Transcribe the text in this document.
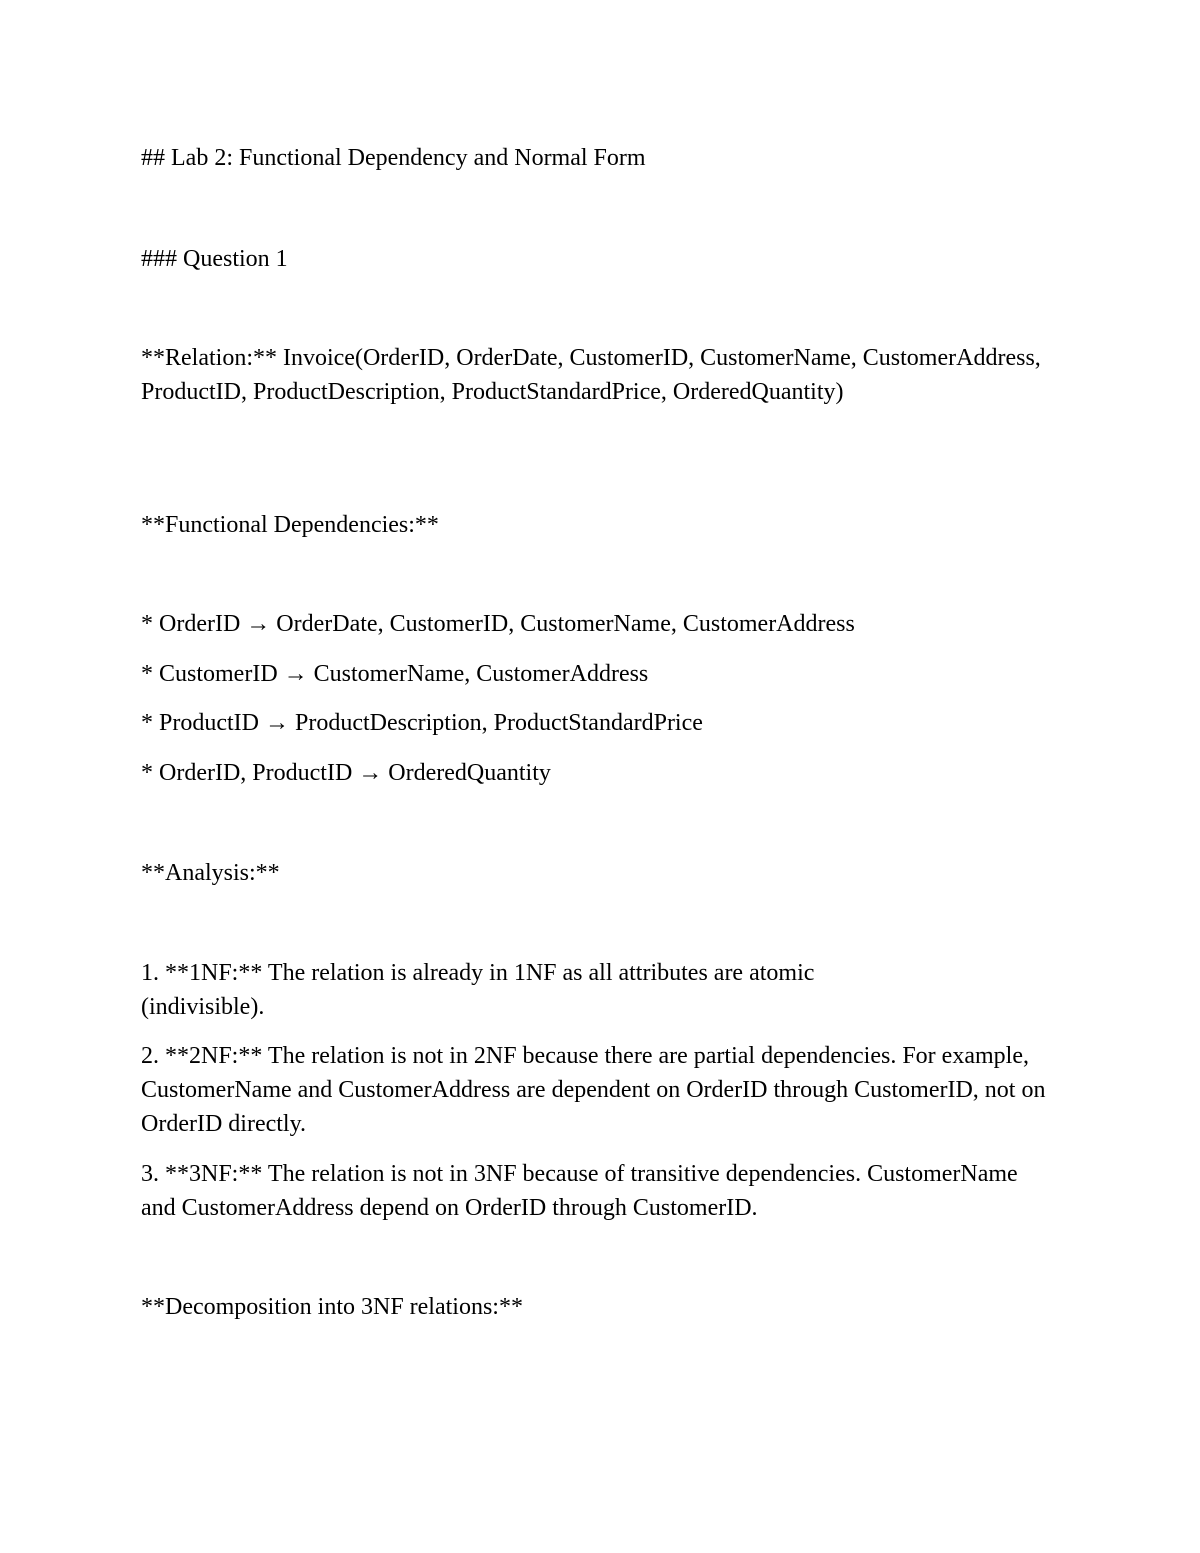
## Lab 2: Functional Dependency and Normal Form
### Question 1
**Relation:** Invoice(OrderID, OrderDate, CustomerID, CustomerName, CustomerAddress, ProductID, ProductDescription, ProductStandardPrice, OrderedQuantity)
**Functional Dependencies:**
* OrderID → OrderDate, CustomerID, CustomerName, CustomerAddress
* CustomerID → CustomerName, CustomerAddress
* ProductID → ProductDescription, ProductStandardPrice
* OrderID, ProductID → OrderedQuantity
**Analysis:**
1. **1NF:** The relation is already in 1NF as all attributes are atomic (indivisible).
2. **2NF:** The relation is not in 2NF because there are partial dependencies. For example, CustomerName and CustomerAddress are dependent on OrderID through CustomerID, not on OrderID directly.
3. **3NF:** The relation is not in 3NF because of transitive dependencies. CustomerName and CustomerAddress depend on OrderID through CustomerID.
**Decomposition into 3NF relations:**
